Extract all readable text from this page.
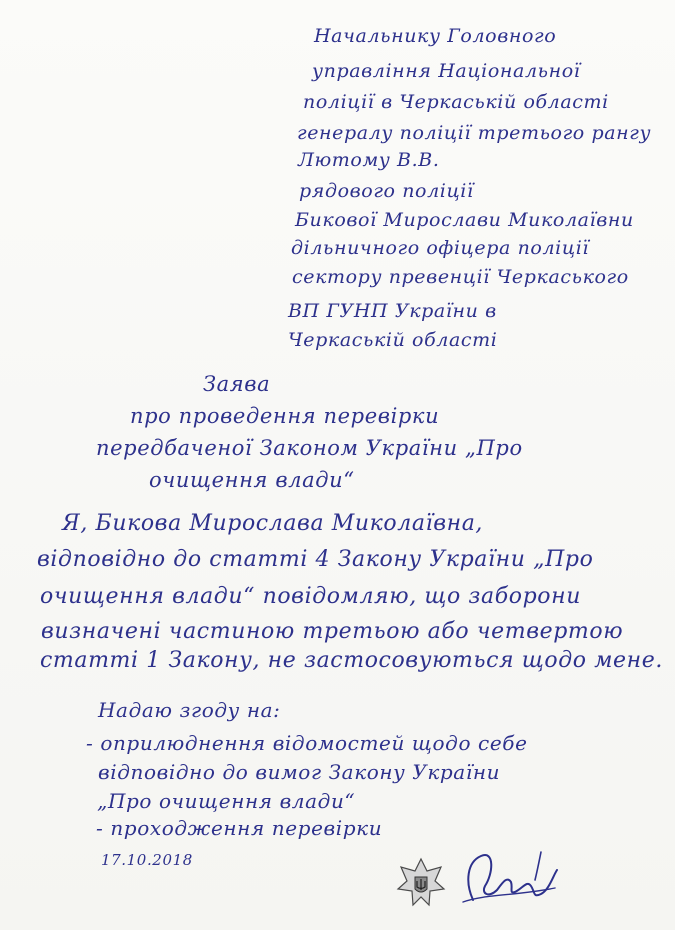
Начальнику Головного
управління Національної
поліції в Черкаській області
генералу поліції третього рангу
Лютому В.В.
рядового поліції
Бикової Мирослави Миколаївни
дільничного офіцера поліції
сектору превенції Черкаського
ВП ГУНП України в
Черкаській області
Заява
про проведення перевірки
передбаченої Законом України „Про
очищення влади“
Я, Бикова Мирослава Миколаївна,
відповідно до статті 4 Закону України „Про
очищення влади“ повідомляю, що заборони
визначені частиною третьою або четвертою
статті 1 Закону, не застосовуються щодо мене.
Надаю згоду на:
- оприлюднення відомостей щодо себе
відповідно до вимог Закону України
„Про очищення влади“
- проходження перевірки
17.10.2018
